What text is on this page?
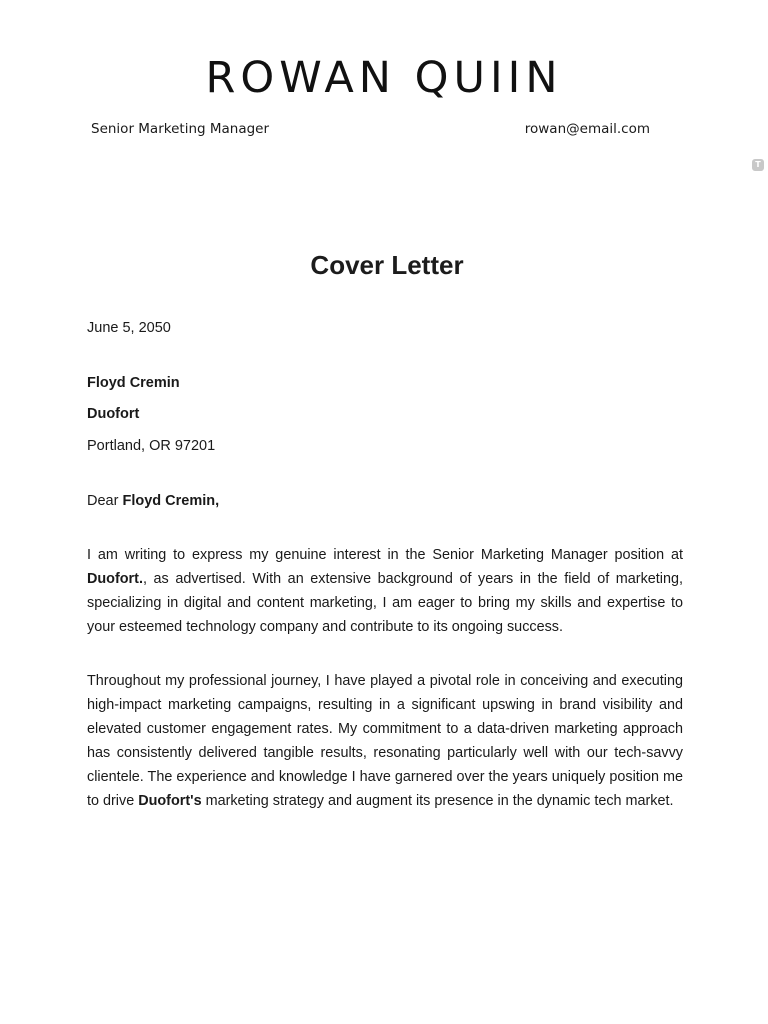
ROWAN QUIIN
Senior Marketing Manager	rowan@email.com
T
Cover Letter
June 5, 2050
Floyd Cremin
Duofort
Portland, OR 97201
Dear Floyd Cremin,

I am writing to express my genuine interest in the Senior Marketing Manager position at Duofort., as advertised. With an extensive background of years in the field of marketing, specializing in digital and content marketing, I am eager to bring my skills and expertise to your esteemed technology company and contribute to its ongoing success.

Throughout my professional journey, I have played a pivotal role in conceiving and executing high-impact marketing campaigns, resulting in a significant upswing in brand visibility and elevated customer engagement rates. My commitment to a data-driven marketing approach has consistently delivered tangible results, resonating particularly well with our tech-savvy clientele. The experience and knowledge I have garnered over the years uniquely position me to drive Duofort's marketing strategy and augment its presence in the dynamic tech market.
